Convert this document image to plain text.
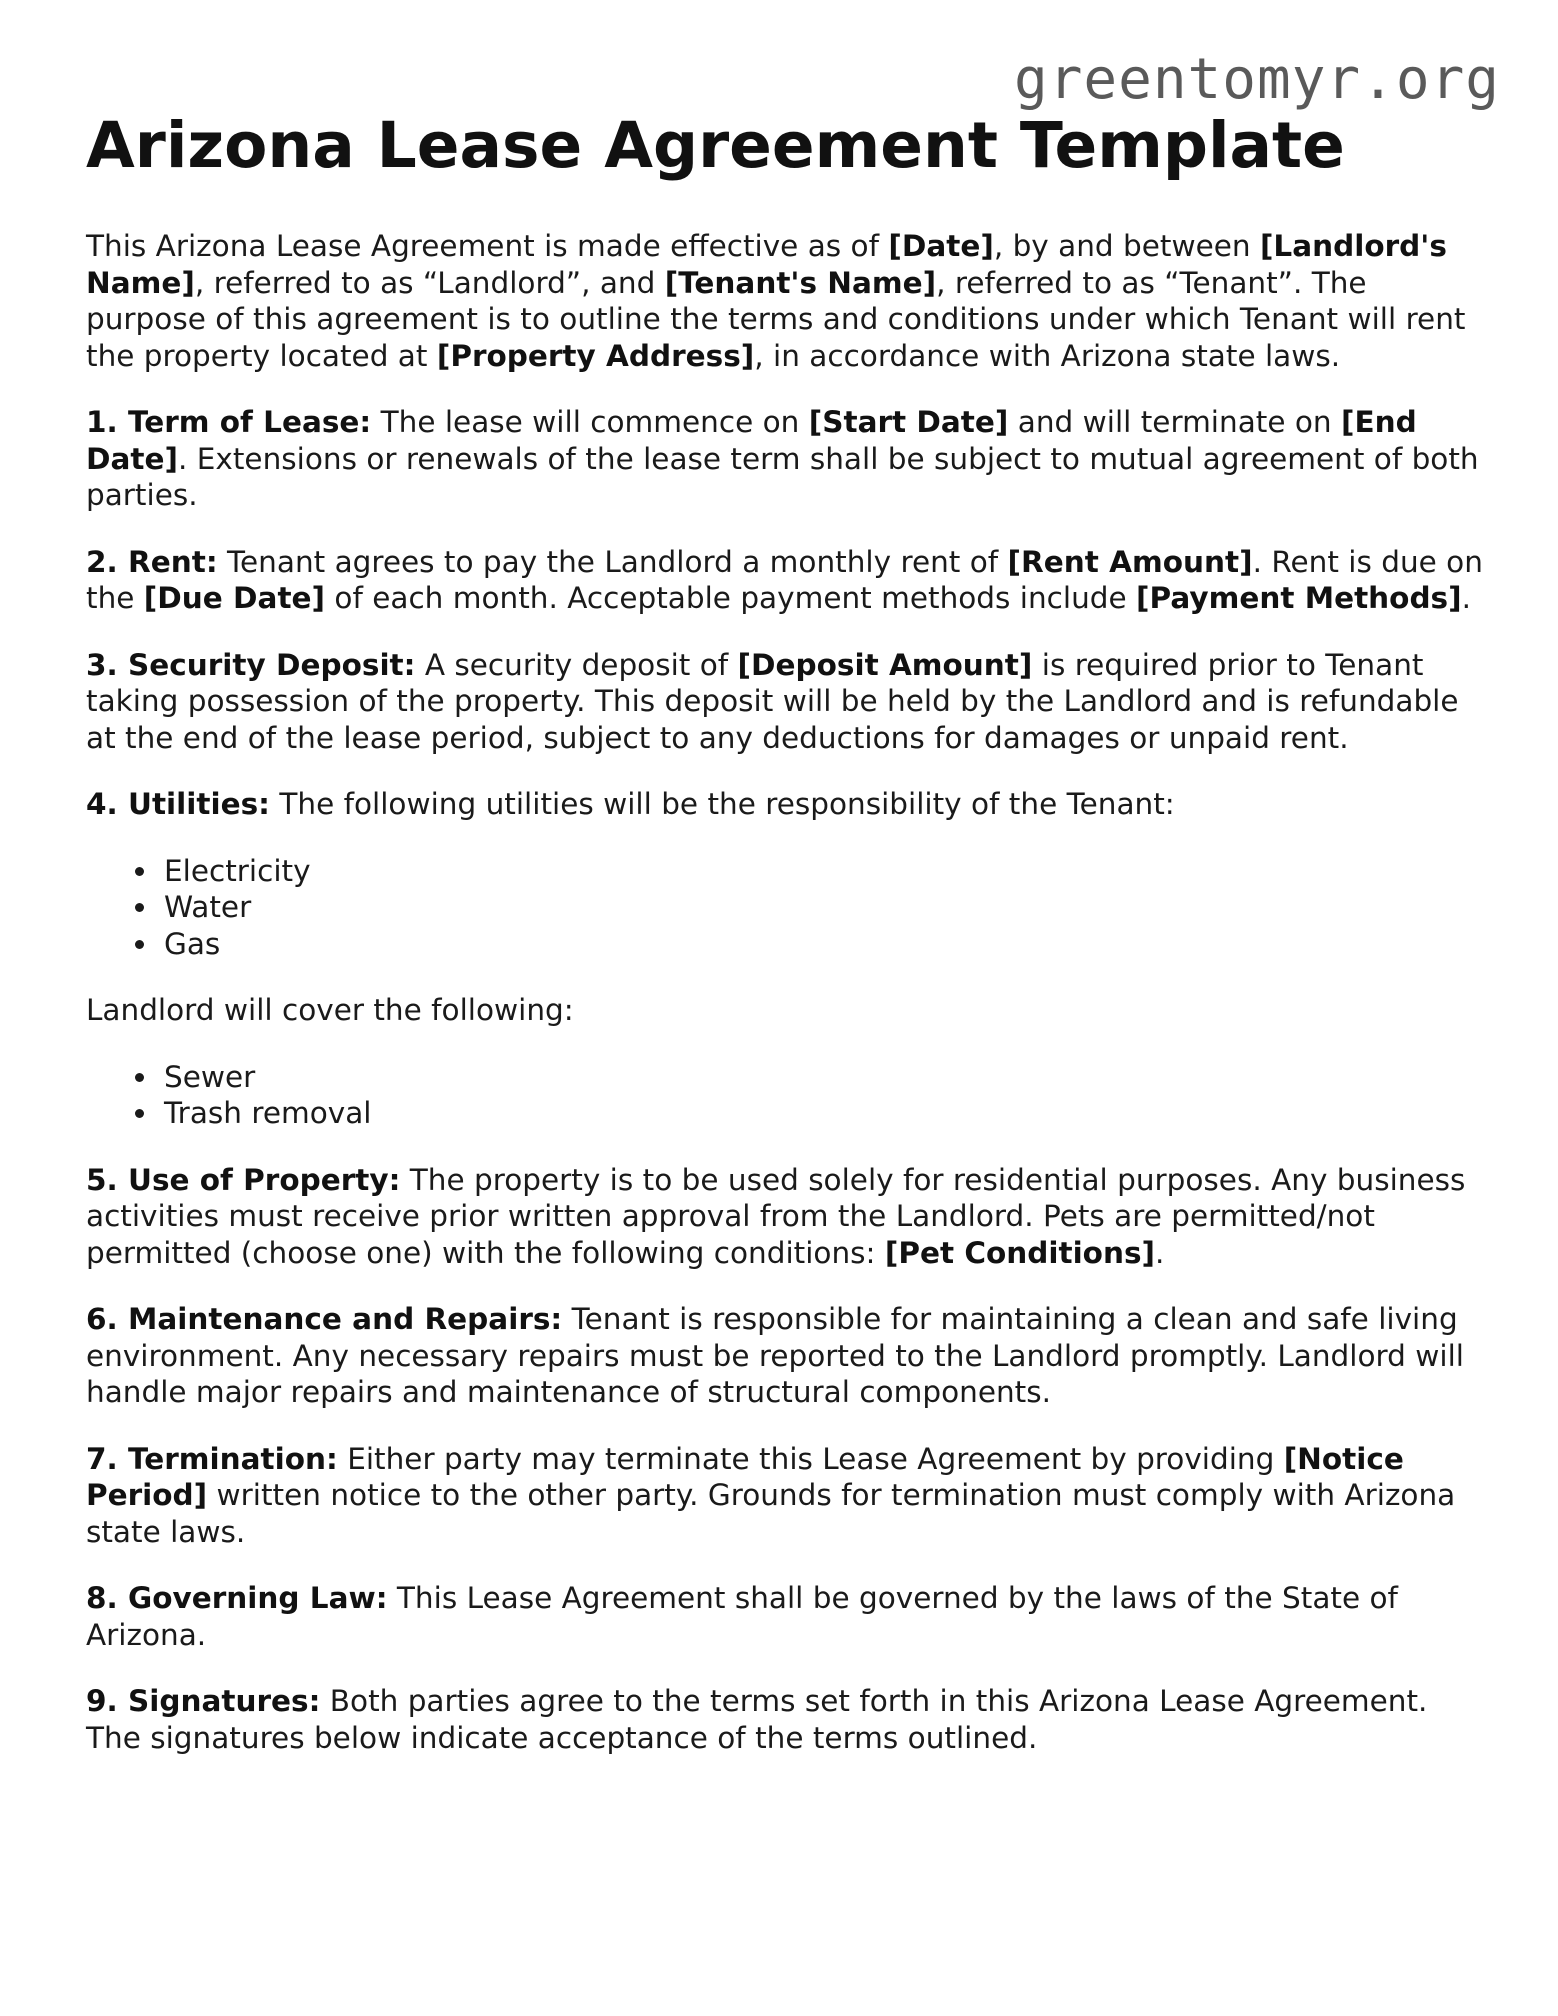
greentomyr.org
Arizona Lease Agreement Template

This Arizona Lease Agreement is made effective as of [Date], by and between [Landlord's Name], referred to as “Landlord”, and [Tenant's Name], referred to as “Tenant”. The purpose of this agreement is to outline the terms and conditions under which Tenant will rent the property located at [Property Address], in accordance with Arizona state laws.

1. Term of Lease: The lease will commence on [Start Date] and will terminate on [End Date]. Extensions or renewals of the lease term shall be subject to mutual agreement of both parties.

2. Rent: Tenant agrees to pay the Landlord a monthly rent of [Rent Amount]. Rent is due on the [Due Date] of each month. Acceptable payment methods include [Payment Methods].

3. Security Deposit: A security deposit of [Deposit Amount] is required prior to Tenant taking possession of the property. This deposit will be held by the Landlord and is refundable at the end of the lease period, subject to any deductions for damages or unpaid rent.

4. Utilities: The following utilities will be the responsibility of the Tenant:

• Electricity
• Water
• Gas

Landlord will cover the following:

• Sewer
• Trash removal

5. Use of Property: The property is to be used solely for residential purposes. Any business activities must receive prior written approval from the Landlord. Pets are permitted/not permitted (choose one) with the following conditions: [Pet Conditions].

6. Maintenance and Repairs: Tenant is responsible for maintaining a clean and safe living environment. Any necessary repairs must be reported to the Landlord promptly. Landlord will handle major repairs and maintenance of structural components.

7. Termination: Either party may terminate this Lease Agreement by providing [Notice Period] written notice to the other party. Grounds for termination must comply with Arizona state laws.

8. Governing Law: This Lease Agreement shall be governed by the laws of the State of Arizona.

9. Signatures: Both parties agree to the terms set forth in this Arizona Lease Agreement. The signatures below indicate acceptance of the terms outlined.
